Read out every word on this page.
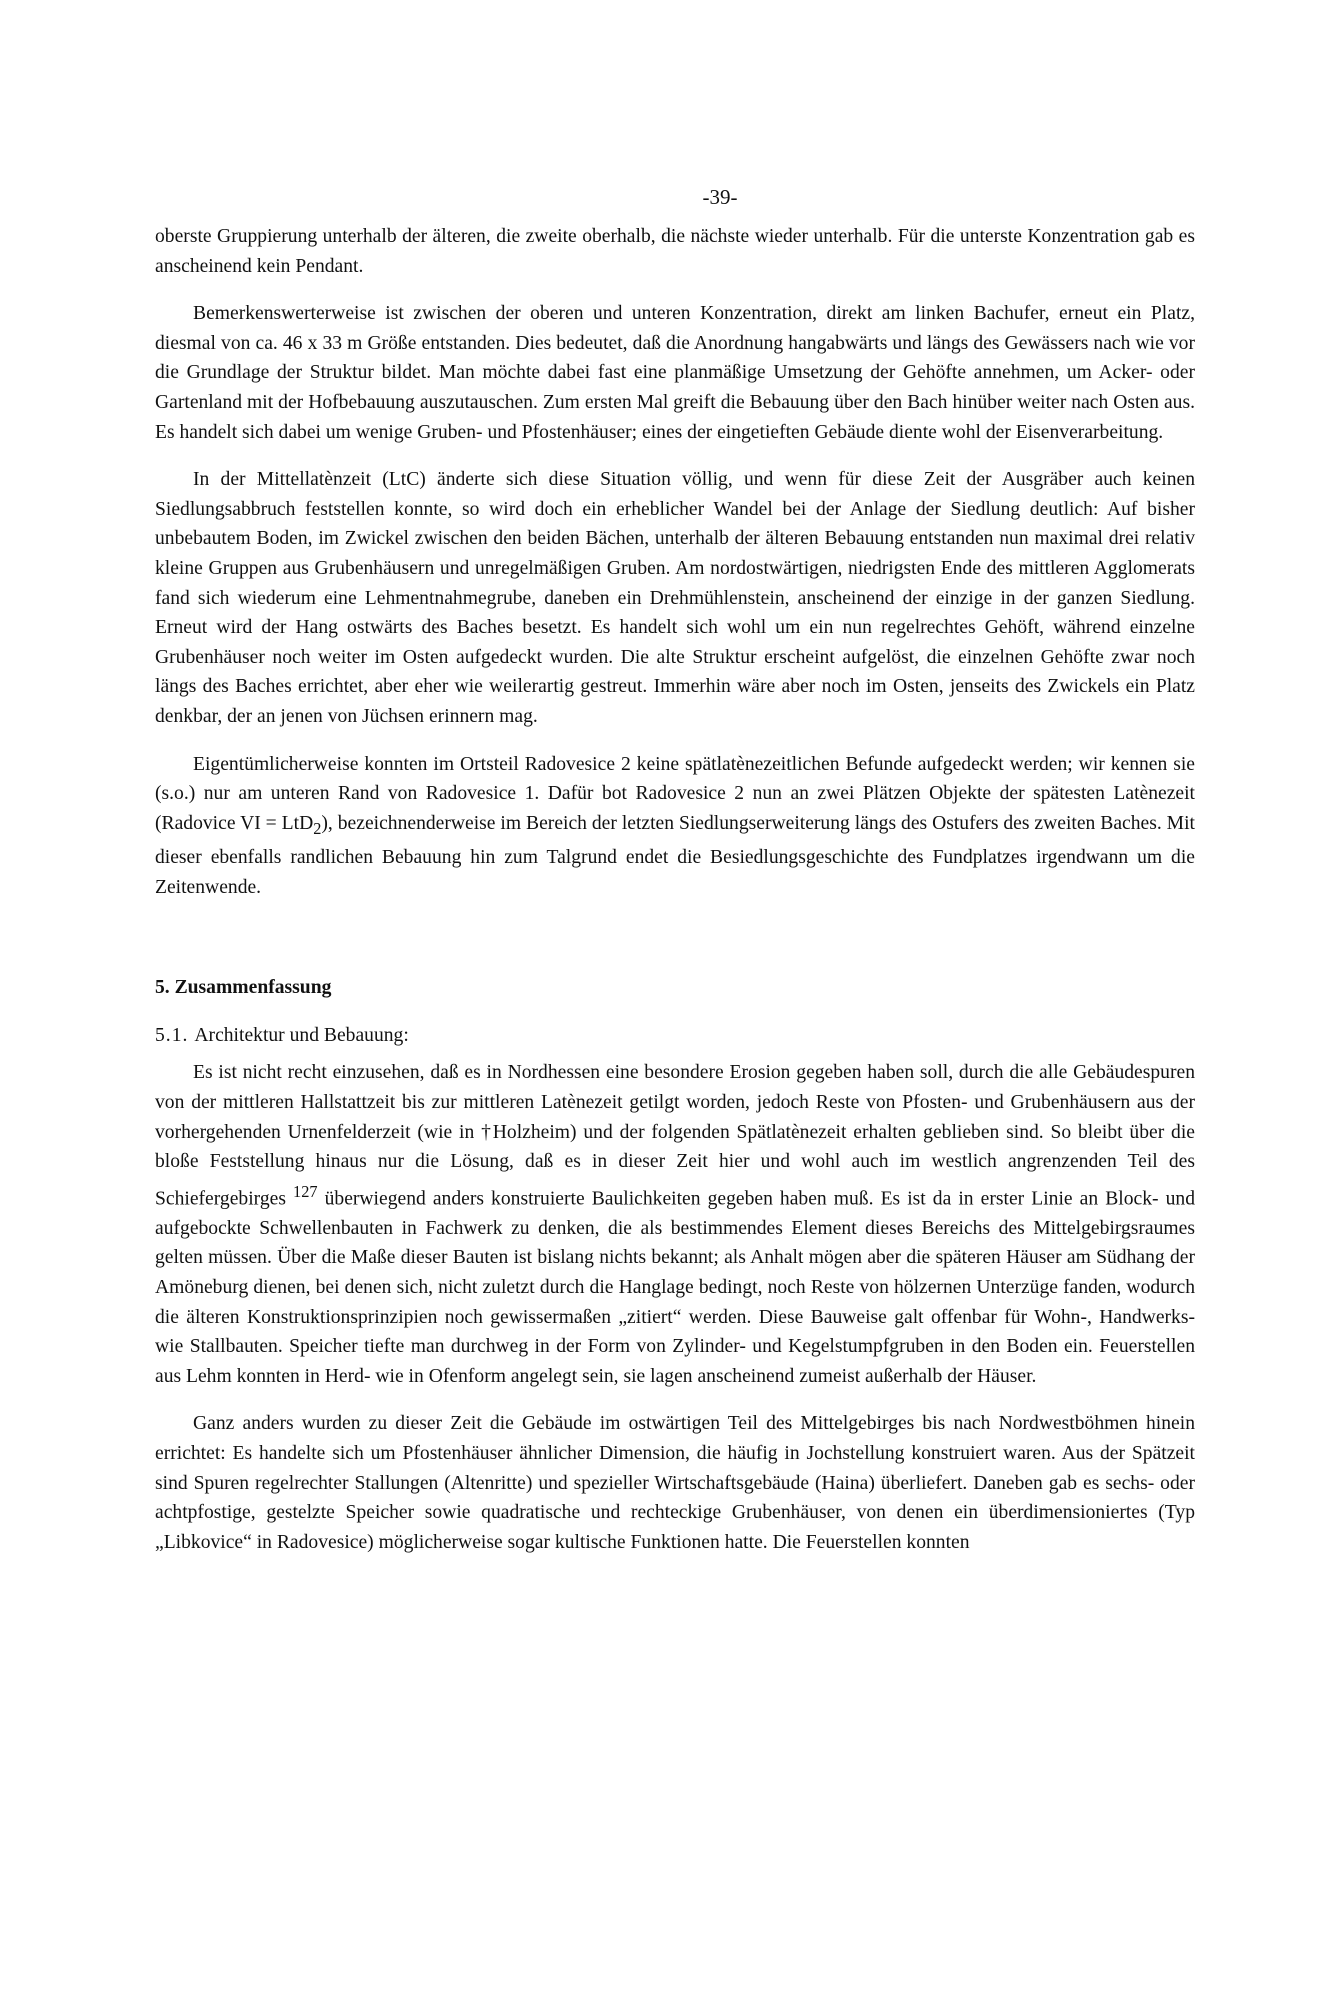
-39-

oberste Gruppierung unterhalb der älteren, die zweite oberhalb, die nächste wieder unterhalb. Für die unterste Konzentration gab es anscheinend kein Pendant.

Bemerkenswerterweise ist zwischen der oberen und unteren Konzentration, direkt am linken Bachufer, erneut ein Platz, diesmal von ca. 46 x 33 m Größe entstanden. Dies bedeutet, daß die Anordnung hangabwärts und längs des Gewässers nach wie vor die Grundlage der Struktur bildet. Man möchte dabei fast eine planmäßige Umsetzung der Gehöfte annehmen, um Acker- oder Gartenland mit der Hofbebauung auszutauschen. Zum ersten Mal greift die Bebauung über den Bach hinüber weiter nach Osten aus. Es handelt sich dabei um wenige Gruben- und Pfostenhäuser; eines der eingetieften Gebäude diente wohl der Eisenverarbeitung.

In der Mittellatènzeit (LtC) änderte sich diese Situation völlig, und wenn für diese Zeit der Ausgräber auch keinen Siedlungsabbruch feststellen konnte, so wird doch ein erheblicher Wandel bei der Anlage der Siedlung deutlich: Auf bisher unbebautem Boden, im Zwickel zwischen den beiden Bächen, unterhalb der älteren Bebauung entstanden nun maximal drei relativ kleine Gruppen aus Grubenhäusern und unregelmäßigen Gruben. Am nordostwärtigen, niedrigsten Ende des mittleren Agglomerats fand sich wiederum eine Lehmentnahmegrube, daneben ein Drehmühlenstein, anscheinend der einzige in der ganzen Siedlung. Erneut wird der Hang ostwärts des Baches besetzt. Es handelt sich wohl um ein nun regelrechtes Gehöft, während einzelne Grubenhäuser noch weiter im Osten aufgedeckt wurden. Die alte Struktur erscheint aufgelöst, die einzelnen Gehöfte zwar noch längs des Baches errichtet, aber eher wie weilerartig gestreut. Immerhin wäre aber noch im Osten, jenseits des Zwickels ein Platz denkbar, der an jenen von Jüchsen erinnern mag.

Eigentümlicherweise konnten im Ortsteil Radovesice 2 keine spätlatènezeitlichen Befunde aufgedeckt werden; wir kennen sie (s.o.) nur am unteren Rand von Radovesice 1. Dafür bot Radovesice 2 nun an zwei Plätzen Objekte der spätesten Latènezeit (Radovice VI = LtD$_2$), bezeichnenderweise im Bereich der letzten Siedlungserweiterung längs des Ostufers des zweiten Baches. Mit dieser ebenfalls randlichen Bebauung hin zum Talgrund endet die Besiedlungsgeschichte des Fundplatzes irgendwann um die Zeitenwende.

5. Zusammenfassung
5.1. Architektur und Bebauung:

Es ist nicht recht einzusehen, daß es in Nordhessen eine besondere Erosion gegeben haben soll, durch die alle Gebäudespuren von der mittleren Hallstattzeit bis zur mittleren Latènezeit getilgt worden, jedoch Reste von Pfosten- und Grubenhäusern aus der vorhergehenden Urnenfelderzeit (wie in †Holzheim) und der folgenden Spätlatènezeit erhalten geblieben sind. So bleibt über die bloße Feststellung hinaus nur die Lösung, daß es in dieser Zeit hier und wohl auch im westlich angrenzenden Teil des Schiefergebirges $^{127}$ überwiegend anders konstruierte Baulichkeiten gegeben haben muß. Es ist da in erster Linie an Block- und aufgebockte Schwellenbauten in Fachwerk zu denken, die als bestimmendes Element dieses Bereichs des Mittelgebirgsraumes gelten müssen. Über die Maße dieser Bauten ist bislang nichts bekannt; als Anhalt mögen aber die späteren Häuser am Südhang der Amöneburg dienen, bei denen sich, nicht zuletzt durch die Hanglage bedingt, noch Reste von hölzernen Unterzüge fanden, wodurch die älteren Konstruktionsprinzipien noch gewissermaßen „zitiert“ werden. Diese Bauweise galt offenbar für Wohn-, Handwerks- wie Stallbauten. Speicher tiefte man durchweg in der Form von Zylinder- und Kegelstumpfgruben in den Boden ein. Feuerstellen aus Lehm konnten in Herd- wie in Ofenform angelegt sein, sie lagen anscheinend zumeist außerhalb der Häuser.

Ganz anders wurden zu dieser Zeit die Gebäude im ostwärtigen Teil des Mittelgebirges bis nach Nordwestböhmen hinein errichtet: Es handelte sich um Pfostenhäuser ähnlicher Dimension, die häufig in Jochstellung konstruiert waren. Aus der Spätzeit sind Spuren regelrechter Stallungen (Altenritte) und spezieller Wirtschaftsgebäude (Haina) überliefert. Daneben gab es sechs- oder achtpfostige, gestelzte Speicher sowie quadratische und rechteckige Grubenhäuser, von denen ein überdimensioniertes (Typ „Libkovice“ in Radovesice) möglicherweise sogar kultische Funktionen hatte. Die Feuerstellen konnten
